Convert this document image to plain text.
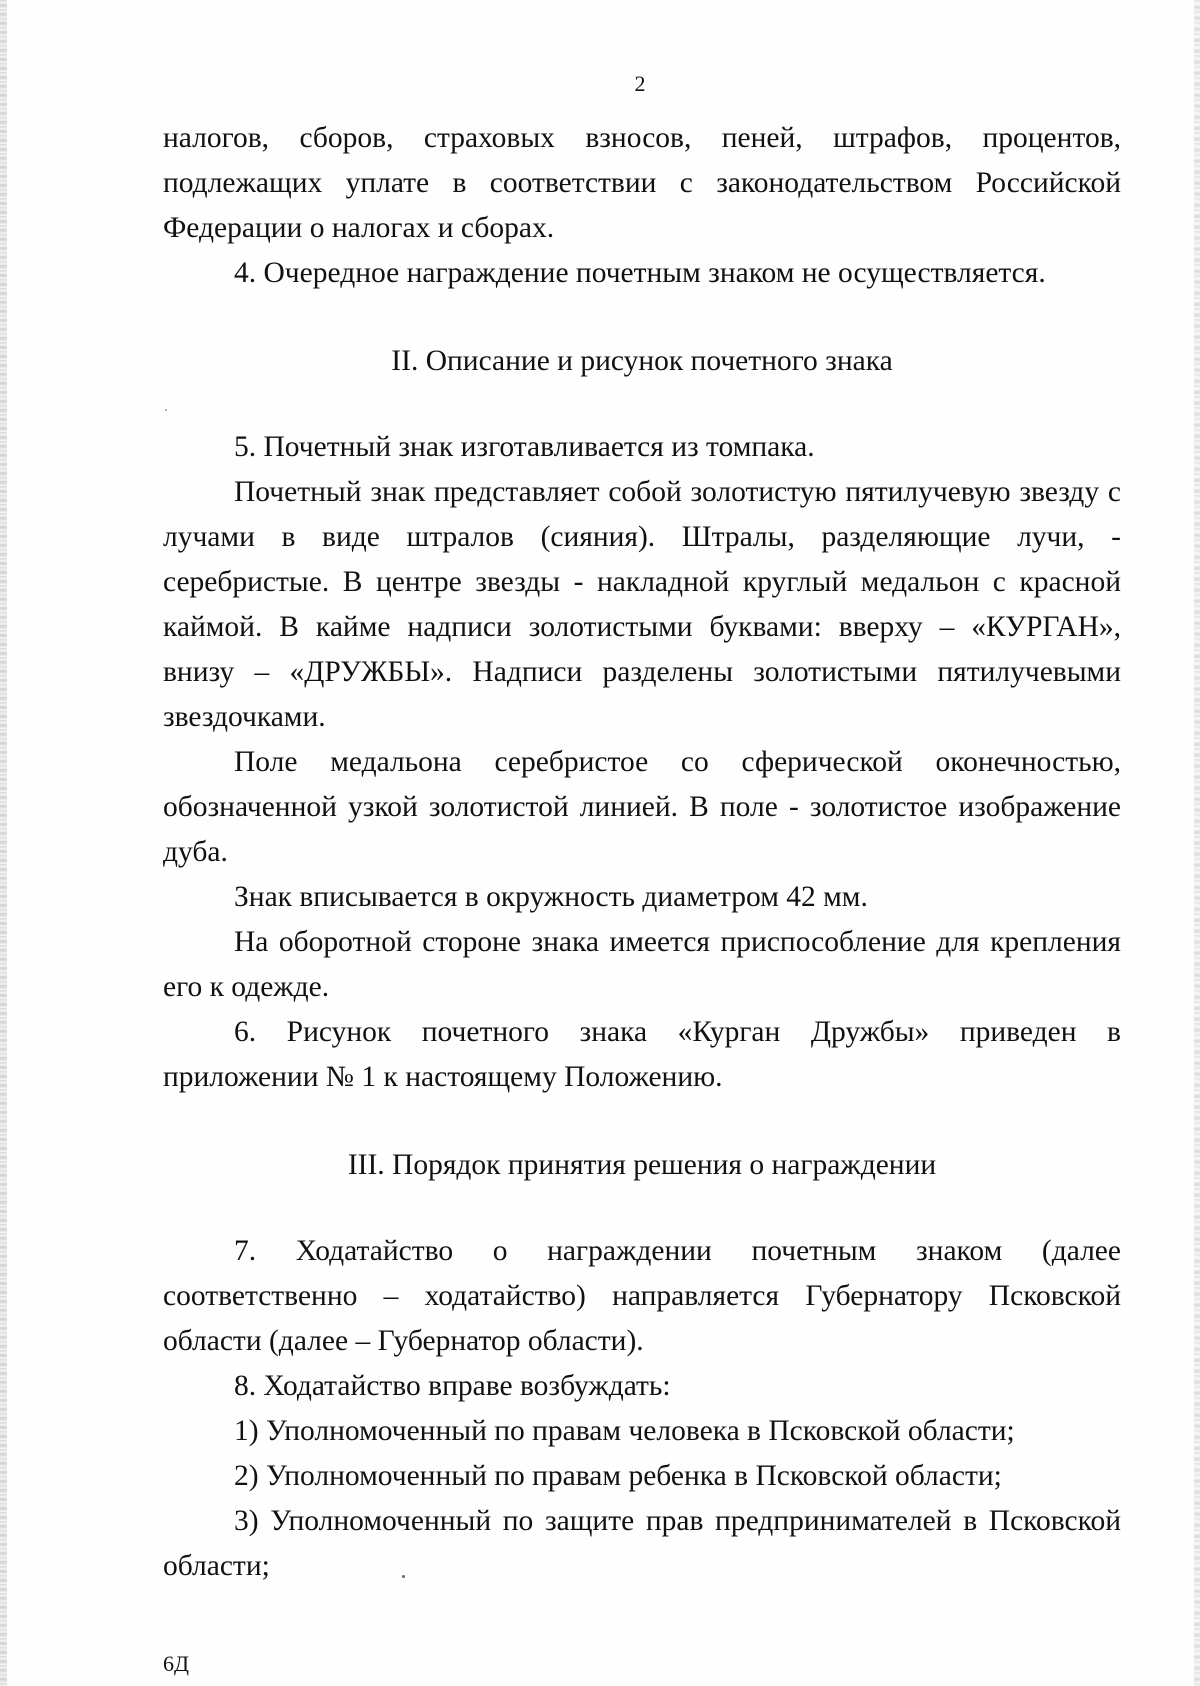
2

налогов, сборов, страховых взносов, пеней, штрафов, процентов, подлежащих уплате в соответствии с законодательством Российской Федерации о налогах и сборах.

4. Очередное награждение почетным знаком не осуществляется.

II. Описание и рисунок почетного знака

5. Почетный знак изготавливается из томпака.

Почетный знак представляет собой золотистую пятилучевую звезду с лучами в виде штралов (сияния). Штралы, разделяющие лучи, - серебристые. В центре звезды - накладной круглый медальон с красной каймой. В кайме надписи золотистыми буквами: вверху – «КУРГАН», внизу – «ДРУЖБЫ». Надписи разделены золотистыми пятилучевыми звездочками.

Поле медальона серебристое со сферической оконечностью, обозначенной узкой золотистой линией. В поле - золотистое изображение дуба.

Знак вписывается в окружность диаметром 42 мм.

На оборотной стороне знака имеется приспособление для крепления его к одежде.

6. Рисунок почетного знака «Курган Дружбы» приведен в приложении № 1 к настоящему Положению.

III. Порядок принятия решения о награждении

7. Ходатайство о награждении почетным знаком (далее соответственно – ходатайство) направляется Губернатору Псковской области (далее – Губернатор области).

8. Ходатайство вправе возбуждать:

1) Уполномоченный по правам человека в Псковской области;

2) Уполномоченный по правам ребенка в Псковской области;

3) Уполномоченный по защите прав предпринимателей в Псковской области;

6Д
